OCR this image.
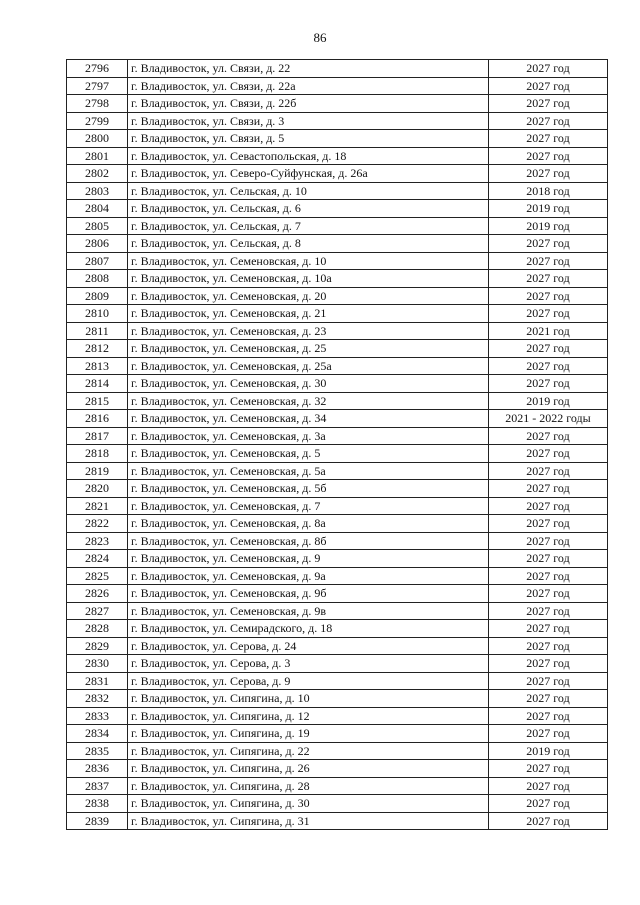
86
2796	г. Владивосток, ул. Связи, д. 22	2027 год
2797	г. Владивосток, ул. Связи, д. 22а	2027 год
2798	г. Владивосток, ул. Связи, д. 22б	2027 год
2799	г. Владивосток, ул. Связи, д. 3	2027 год
2800	г. Владивосток, ул. Связи, д. 5	2027 год
2801	г. Владивосток, ул. Севастопольская, д. 18	2027 год
2802	г. Владивосток, ул. Северо-Суйфунская, д. 26а	2027 год
2803	г. Владивосток, ул. Сельская, д. 10	2018 год
2804	г. Владивосток, ул. Сельская, д. 6	2019 год
2805	г. Владивосток, ул. Сельская, д. 7	2019 год
2806	г. Владивосток, ул. Сельская, д. 8	2027 год
2807	г. Владивосток, ул. Семеновская, д. 10	2027 год
2808	г. Владивосток, ул. Семеновская, д. 10а	2027 год
2809	г. Владивосток, ул. Семеновская, д. 20	2027 год
2810	г. Владивосток, ул. Семеновская, д. 21	2027 год
2811	г. Владивосток, ул. Семеновская, д. 23	2021 год
2812	г. Владивосток, ул. Семеновская, д. 25	2027 год
2813	г. Владивосток, ул. Семеновская, д. 25а	2027 год
2814	г. Владивосток, ул. Семеновская, д. 30	2027 год
2815	г. Владивосток, ул. Семеновская, д. 32	2019 год
2816	г. Владивосток, ул. Семеновская, д. 34	2021 - 2022 годы
2817	г. Владивосток, ул. Семеновская, д. 3а	2027 год
2818	г. Владивосток, ул. Семеновская, д. 5	2027 год
2819	г. Владивосток, ул. Семеновская, д. 5а	2027 год
2820	г. Владивосток, ул. Семеновская, д. 5б	2027 год
2821	г. Владивосток, ул. Семеновская, д. 7	2027 год
2822	г. Владивосток, ул. Семеновская, д. 8а	2027 год
2823	г. Владивосток, ул. Семеновская, д. 8б	2027 год
2824	г. Владивосток, ул. Семеновская, д. 9	2027 год
2825	г. Владивосток, ул. Семеновская, д. 9а	2027 год
2826	г. Владивосток, ул. Семеновская, д. 9б	2027 год
2827	г. Владивосток, ул. Семеновская, д. 9в	2027 год
2828	г. Владивосток, ул. Семирадского, д. 18	2027 год
2829	г. Владивосток, ул. Серова, д. 24	2027 год
2830	г. Владивосток, ул. Серова, д. 3	2027 год
2831	г. Владивосток, ул. Серова, д. 9	2027 год
2832	г. Владивосток, ул. Сипягина, д. 10	2027 год
2833	г. Владивосток, ул. Сипягина, д. 12	2027 год
2834	г. Владивосток, ул. Сипягина, д. 19	2027 год
2835	г. Владивосток, ул. Сипягина, д. 22	2019 год
2836	г. Владивосток, ул. Сипягина, д. 26	2027 год
2837	г. Владивосток, ул. Сипягина, д. 28	2027 год
2838	г. Владивосток, ул. Сипягина, д. 30	2027 год
2839	г. Владивосток, ул. Сипягина, д. 31	2027 год
